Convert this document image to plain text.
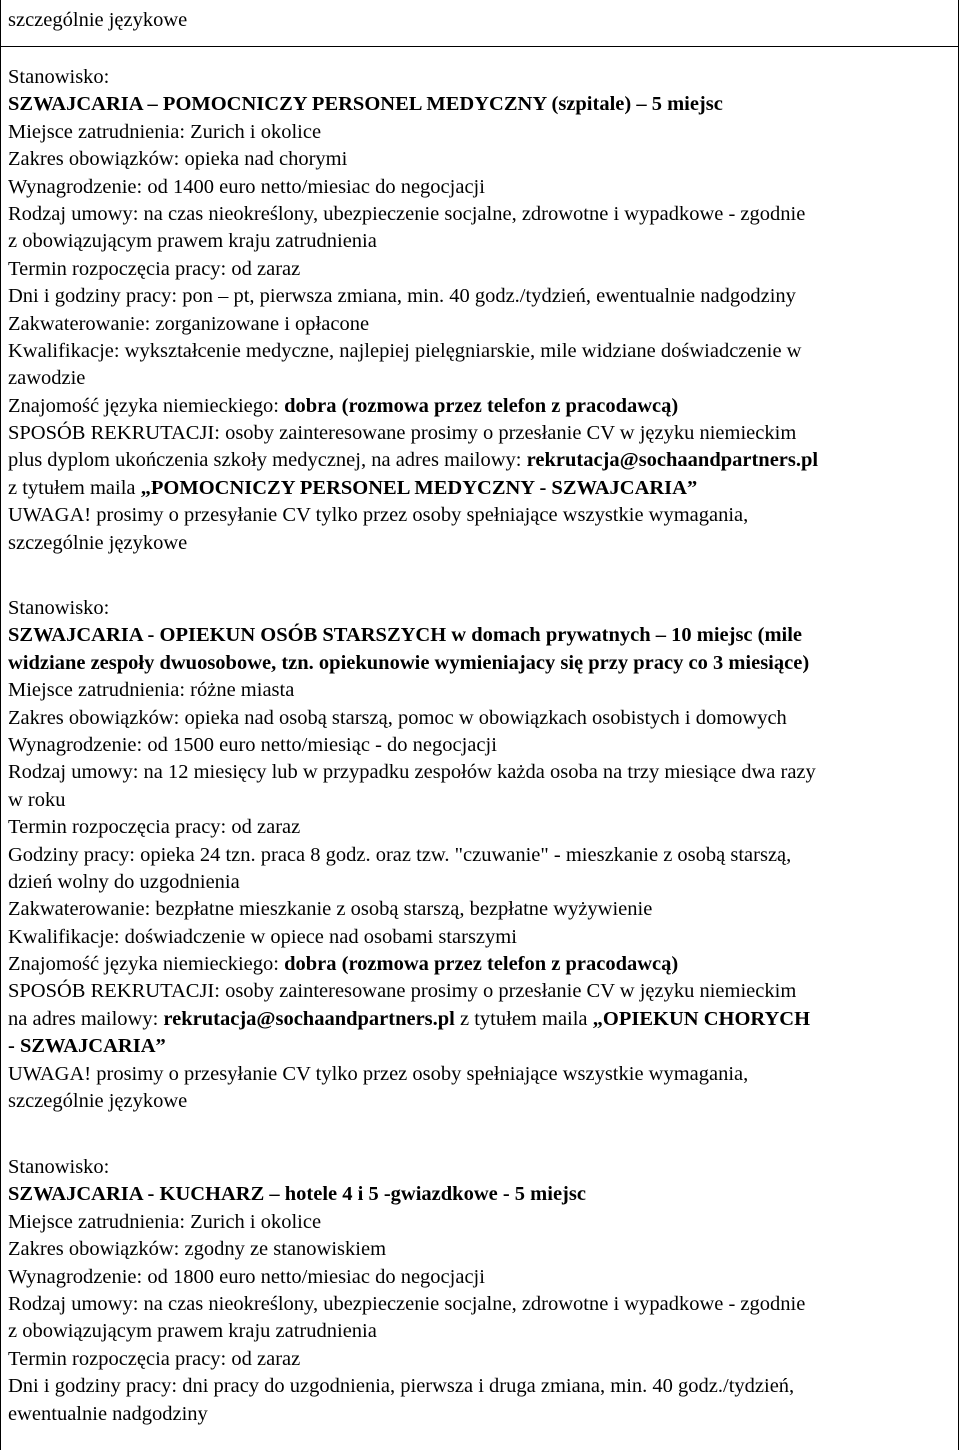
szczególnie językowe
Stanowisko:
SZWAJCARIA – POMOCNICZY PERSONEL MEDYCZNY (szpitale) – 5 miejsc
Miejsce zatrudnienia: Zurich i okolice
Zakres obowiązków: opieka nad chorymi
Wynagrodzenie: od 1400 euro netto/miesiac do negocjacji
Rodzaj umowy: na czas nieokreślony, ubezpieczenie socjalne, zdrowotne i wypadkowe - zgodnie
z obowiązującym prawem kraju zatrudnienia
Termin rozpoczęcia pracy: od zaraz
Dni i godziny pracy: pon – pt, pierwsza zmiana, min. 40 godz./tydzień, ewentualnie nadgodziny
Zakwaterowanie: zorganizowane i opłacone
Kwalifikacje: wykształcenie medyczne, najlepiej pielęgniarskie, mile widziane doświadczenie w
zawodzie
Znajomość języka niemieckiego: dobra (rozmowa przez telefon z pracodawcą)
SPOSÓB REKRUTACJI: osoby zainteresowane prosimy o przesłanie CV w języku niemieckim
plus dyplom ukończenia szkoły medycznej, na adres mailowy: rekrutacja@sochaandpartners.pl
z tytułem maila „POMOCNICZY PERSONEL MEDYCZNY - SZWAJCARIA”
UWAGA! prosimy o przesyłanie CV tylko przez osoby spełniające wszystkie wymagania,
szczególnie językowe
Stanowisko:
SZWAJCARIA - OPIEKUN OSÓB STARSZYCH w domach prywatnych – 10 miejsc (mile
widziane zespoły dwuosobowe, tzn. opiekunowie wymieniajacy się przy pracy co 3 miesiące)
Miejsce zatrudnienia: różne miasta
Zakres obowiązków: opieka nad osobą starszą, pomoc w obowiązkach osobistych i domowych
Wynagrodzenie: od 1500 euro netto/miesiąc - do negocjacji
Rodzaj umowy: na 12 miesięcy lub w przypadku zespołów każda osoba na trzy miesiące dwa razy
w roku
Termin rozpoczęcia pracy: od zaraz
Godziny pracy: opieka 24 tzn. praca 8 godz. oraz tzw. "czuwanie" - mieszkanie z osobą starszą,
dzień wolny do uzgodnienia
Zakwaterowanie: bezpłatne mieszkanie z osobą starszą, bezpłatne wyżywienie
Kwalifikacje: doświadczenie w opiece nad osobami starszymi
Znajomość języka niemieckiego: dobra (rozmowa przez telefon z pracodawcą)
SPOSÓB REKRUTACJI: osoby zainteresowane prosimy o przesłanie CV w języku niemieckim
na adres mailowy: rekrutacja@sochaandpartners.pl z tytułem maila „OPIEKUN CHORYCH
- SZWAJCARIA”
UWAGA! prosimy o przesyłanie CV tylko przez osoby spełniające wszystkie wymagania,
szczególnie językowe
Stanowisko:
SZWAJCARIA - KUCHARZ – hotele 4 i 5 -gwiazdkowe - 5 miejsc
Miejsce zatrudnienia: Zurich i okolice
Zakres obowiązków: zgodny ze stanowiskiem
Wynagrodzenie: od 1800 euro netto/miesiac do negocjacji
Rodzaj umowy: na czas nieokreślony, ubezpieczenie socjalne, zdrowotne i wypadkowe - zgodnie
z obowiązującym prawem kraju zatrudnienia
Termin rozpoczęcia pracy: od zaraz
Dni i godziny pracy: dni pracy do uzgodnienia, pierwsza i druga zmiana, min. 40 godz./tydzień,
ewentualnie nadgodziny
